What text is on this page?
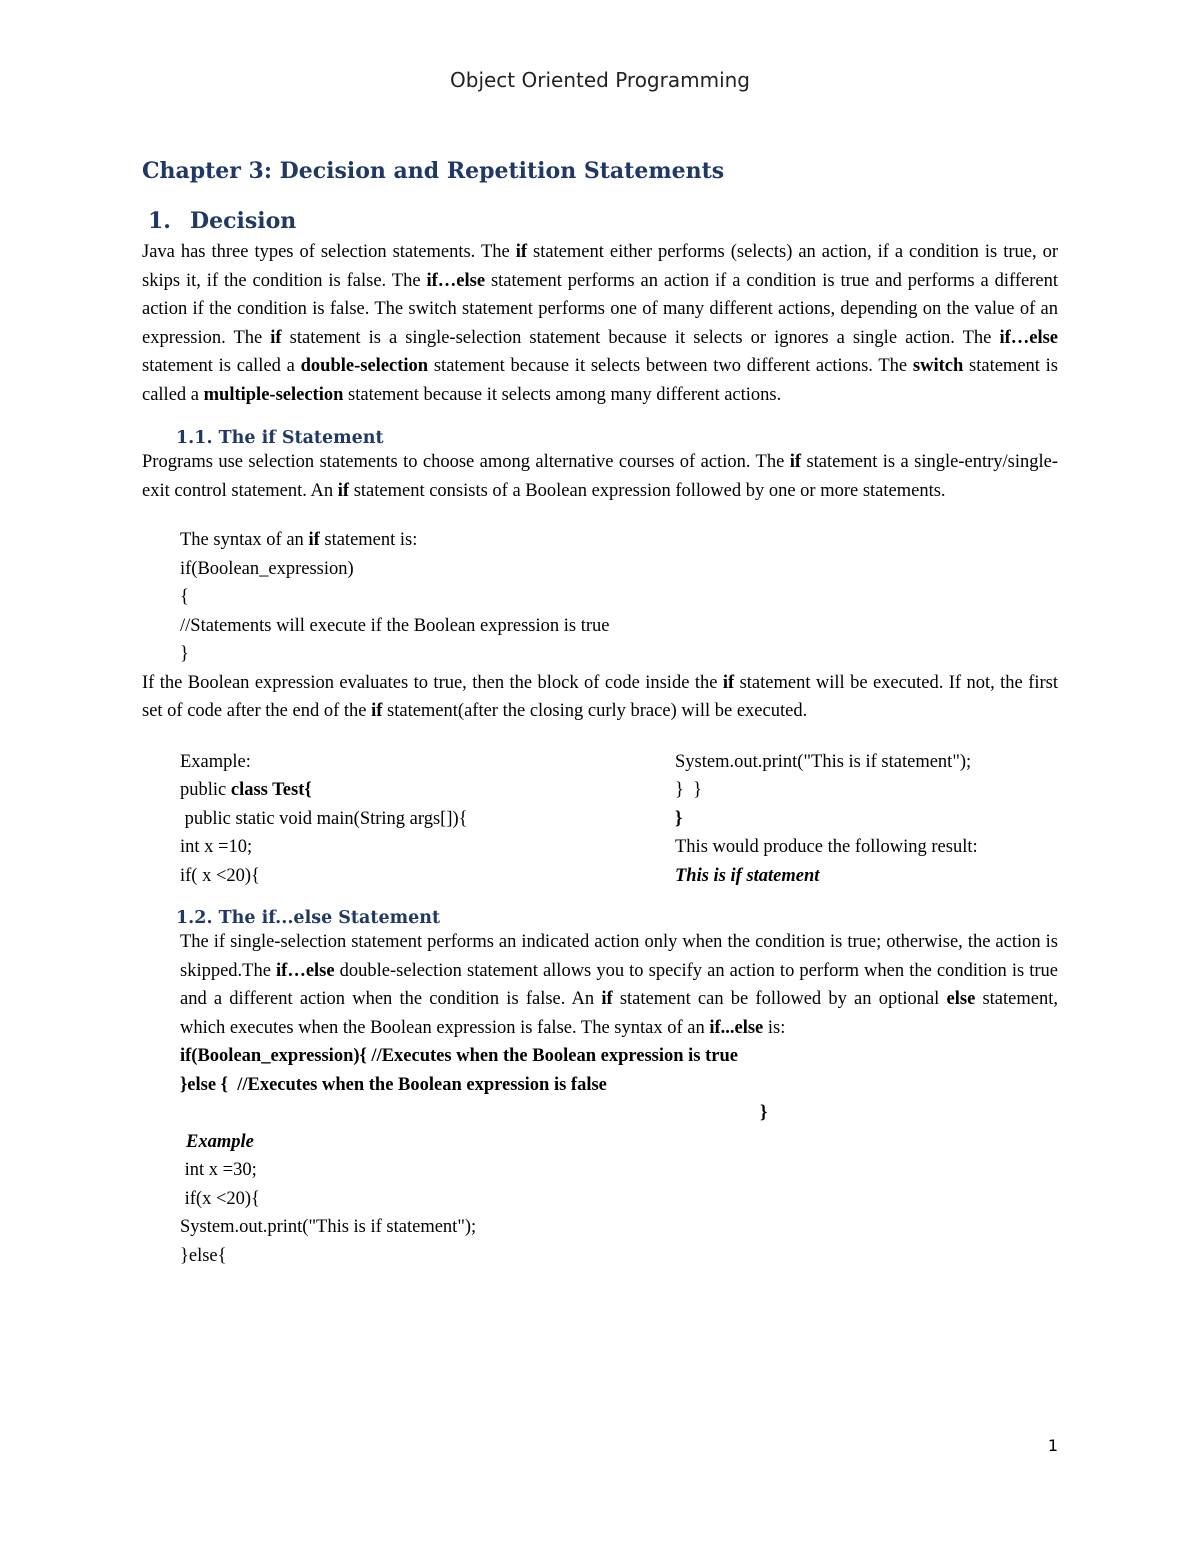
Object Oriented Programming
Chapter 3: Decision and Repetition Statements
1. Decision

Java has three types of selection statements. The if statement either performs (selects) an action, if a condition is true, or skips it, if the condition is false. The if…else statement performs an action if a condition is true and performs a different action if the condition is false. The switch statement performs one of many different actions, depending on the value of an expression. The if statement is a single-selection statement because it selects or ignores a single action. The if…else statement is called a double-selection statement because it selects between two different actions. The switch statement is called a multiple-selection statement because it selects among many different actions.

1.1. The if Statement

Programs use selection statements to choose among alternative courses of action. The if statement is a single-entry/single-exit control statement. An if statement consists of a Boolean expression followed by one or more statements.

The syntax of an if statement is:
if(Boolean_expression)
{
//Statements will execute if the Boolean expression is true
}

If the Boolean expression evaluates to true, then the block of code inside the if statement will be executed. If not, the first set of code after the end of the if statement(after the closing curly brace) will be executed.

Example:
public class Test{
public static void main(String args[]){
int x =10;
if( x <20){
System.out.print("This is if statement");
}  }
}
This would produce the following result:
This is if statement
1.2. The if...else Statement

The if single-selection statement performs an indicated action only when the condition is true; otherwise, the action is skipped.The if…else double-selection statement allows you to specify an action to perform when the condition is true and a different action when the condition is false. An if statement can be followed by an optional else statement, which executes when the Boolean expression is false. The syntax of an if...else is:

if(Boolean_expression){ //Executes when the Boolean expression is true
}else {  //Executes when the Boolean expression is false
}
Example
int x =30;
if(x <20){
System.out.print("This is if statement");
}else{
1
